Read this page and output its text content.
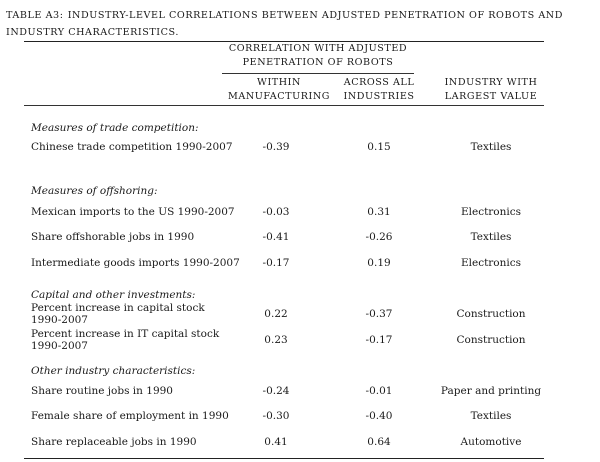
TABLE A3: INDUSTRY-LEVEL CORRELATIONS BETWEEN ADJUSTED PENETRATION OF ROBOTS AND INDUSTRY CHARACTERISTICS.
CORRELATION WITH ADJUSTED PENETRATION OF ROBOTS
WITHIN MANUFACTURING
ACROSS ALL INDUSTRIES
INDUSTRY WITH LARGEST VALUE
Measures of trade competition:
Chinese trade competition 1990-2007	-0.39	0.15	Textiles
Measures of offshoring:
Mexican imports to the US 1990-2007	-0.03	0.31	Electronics
Share offshorable jobs in 1990	-0.41	-0.26	Textiles
Intermediate goods imports 1990-2007	-0.17	0.19	Electronics
Capital and other investments:
Percent increase in capital stock
1990-2007	0.22	-0.37	Construction
Percent increase in IT capital stock
1990-2007	0.23	-0.17	Construction
Other industry characteristics:
Share routine jobs in 1990	-0.24	-0.01	Paper and printing
Female share of employment in 1990	-0.30	-0.40	Textiles
Share replaceable jobs in 1990	0.41	0.64	Automotive
